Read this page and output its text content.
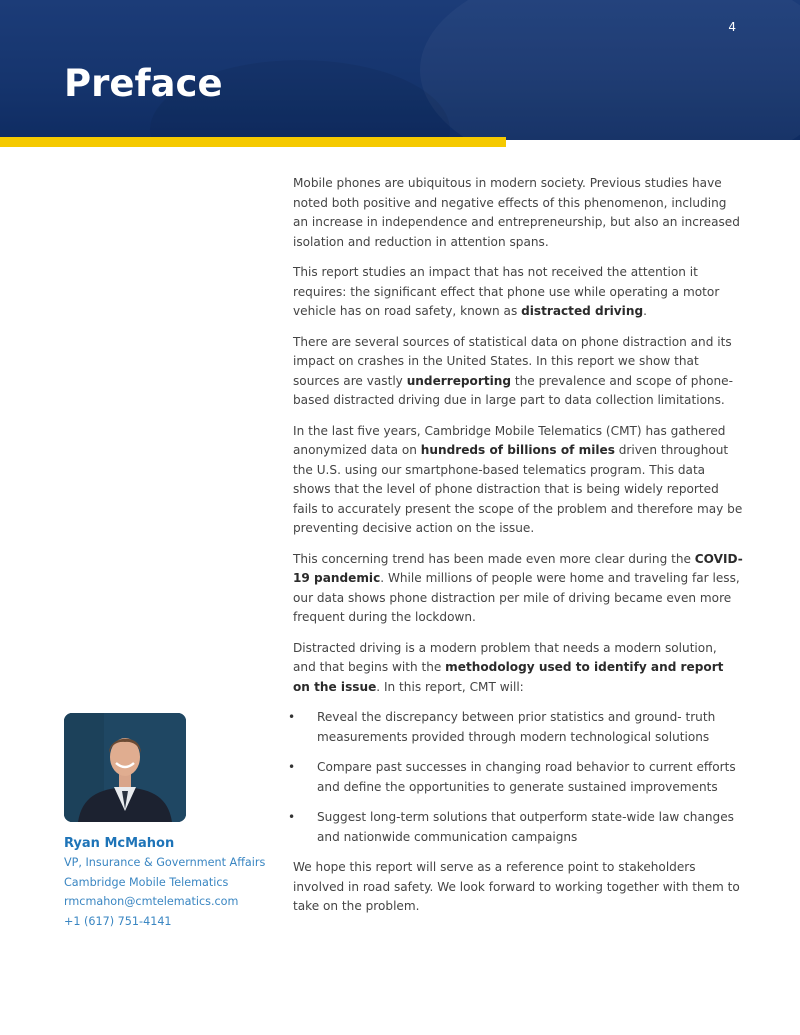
4
Preface

Mobile phones are ubiquitous in modern society. Previous studies have noted both positive and negative effects of this phenomenon, including an increase in independence and entrepreneurship, but also an increased isolation and reduction in attention spans.

This report studies an impact that has not received the attention it requires: the significant effect that phone use while operating a motor vehicle has on road safety, known as distracted driving.

There are several sources of statistical data on phone distraction and its impact on crashes in the United States. In this report we show that sources are vastly underreporting the prevalence and scope of phone-based distracted driving due in large part to data collection limitations.

In the last five years, Cambridge Mobile Telematics (CMT) has gathered anonymized data on hundreds of billions of miles driven throughout the U.S. using our smartphone-based telematics program. This data shows that the level of phone distraction that is being widely reported fails to accurately present the scope of the problem and therefore may be preventing decisive action on the issue.

This concerning trend has been made even more clear during the COVID-19 pandemic. While millions of people were home and traveling far less, our data shows phone distraction per mile of driving became even more frequent during the lockdown.

Distracted driving is a modern problem that needs a modern solution, and that begins with the methodology used to identify and report on the issue. In this report, CMT will:

• Reveal the discrepancy between prior statistics and ground- truth measurements provided through modern technological solutions
• Compare past successes in changing road behavior to current efforts and define the opportunities to generate sustained improvements
• Suggest long-term solutions that outperform state-wide law changes and nationwide communication campaigns

We hope this report will serve as a reference point to stakeholders involved in road safety. We look forward to working together with them to take on the problem.

Ryan McMahon
VP, Insurance & Government Affairs
Cambridge Mobile Telematics
rmcmahon@cmtelematics.com
+1 (617) 751-4141
